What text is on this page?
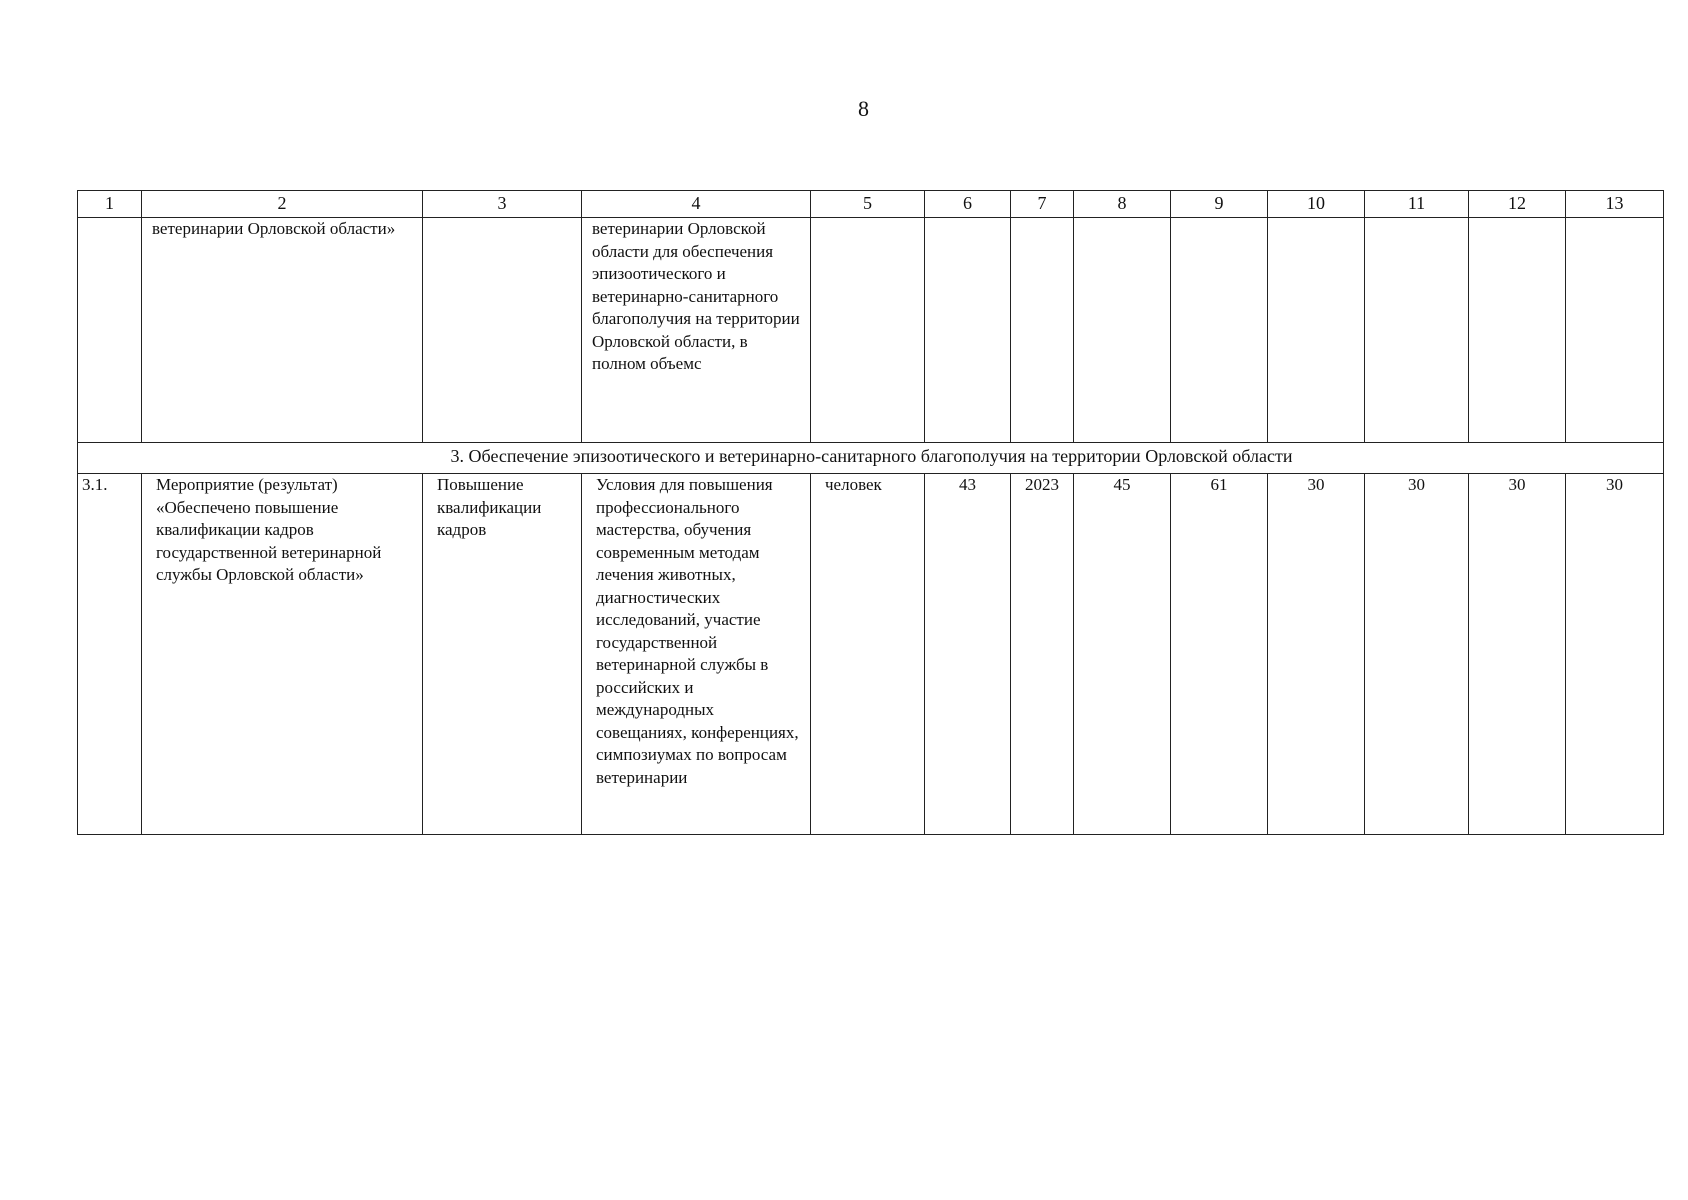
8
1	2	3	4	5	6	7	8	9	10	11	12	13
	ветеринарии Орловской области»		ветеринарии Орловской области для обеспечения эпизоотического и ветеринарно-санитарного благополучия на территории Орловской области, в полном объемс									
3. Обеспечение эпизоотического и ветеринарно-санитарного благополучия на территории Орловской области												
3.1.	Мероприятие (результат) «Обеспечено повышение квалификации кадров государственной ветеринарной службы Орловской области»	Повышение квалификации кадров	Условия для повышения профессионального мастерства, обучения современным методам лечения животных, диагностических исследований, участие государственной ветеринарной службы в российских и международных совещаниях, конференциях, симпозиумах по вопросам ветеринарии	человек	43	2023	45	61	30	30	30	30
